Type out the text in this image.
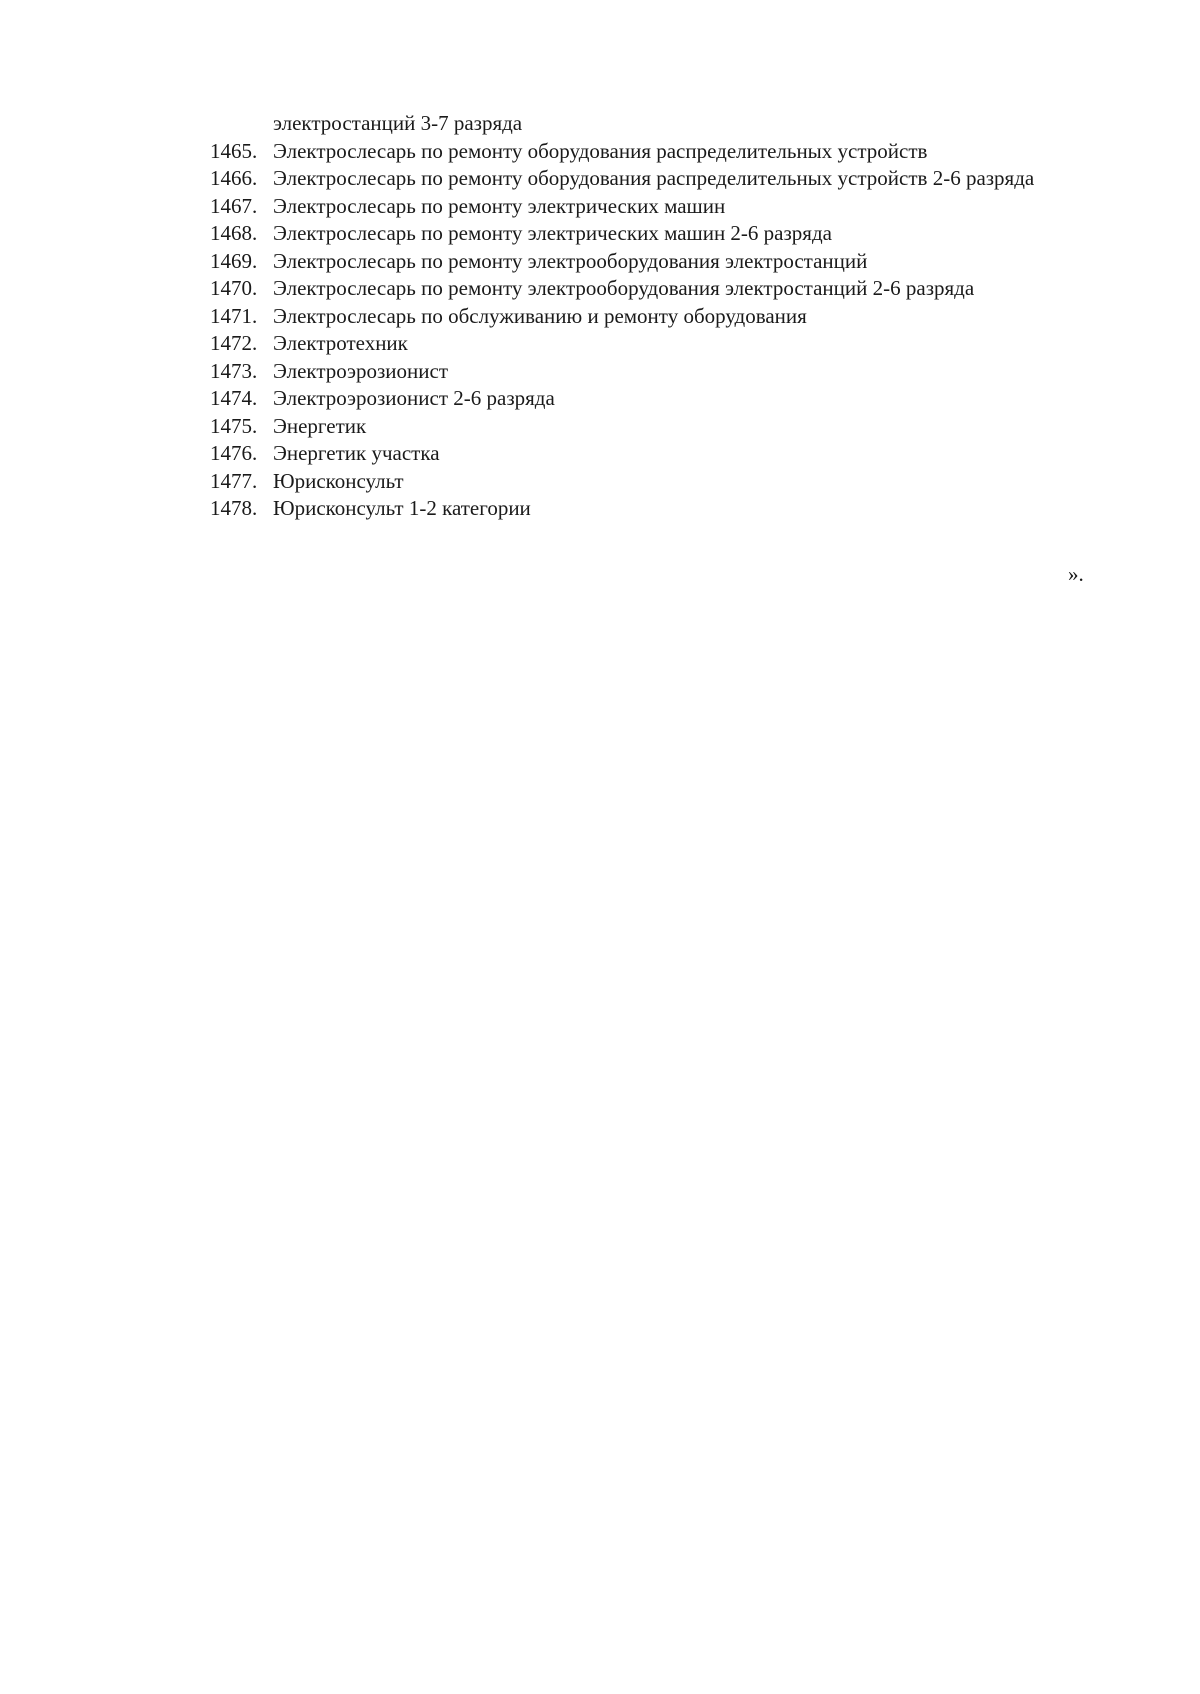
электростанций 3-7 разряда
1465. Электрослесарь по ремонту оборудования распределительных устройств
1466. Электрослесарь по ремонту оборудования распределительных устройств 2-6 разряда
1467. Электрослесарь по ремонту электрических машин
1468. Электрослесарь по ремонту электрических машин 2-6 разряда
1469. Электрослесарь по ремонту электрооборудования электростанций
1470. Электрослесарь по ремонту электрооборудования электростанций 2-6 разряда
1471. Электрослесарь по обслуживанию и ремонту оборудования
1472. Электротехник
1473. Электроэрозионист
1474. Электроэрозионист 2-6 разряда
1475. Энергетик
1476. Энергетик участка
1477. Юрисконсульт
1478. Юрисконсульт 1-2 категории
».
